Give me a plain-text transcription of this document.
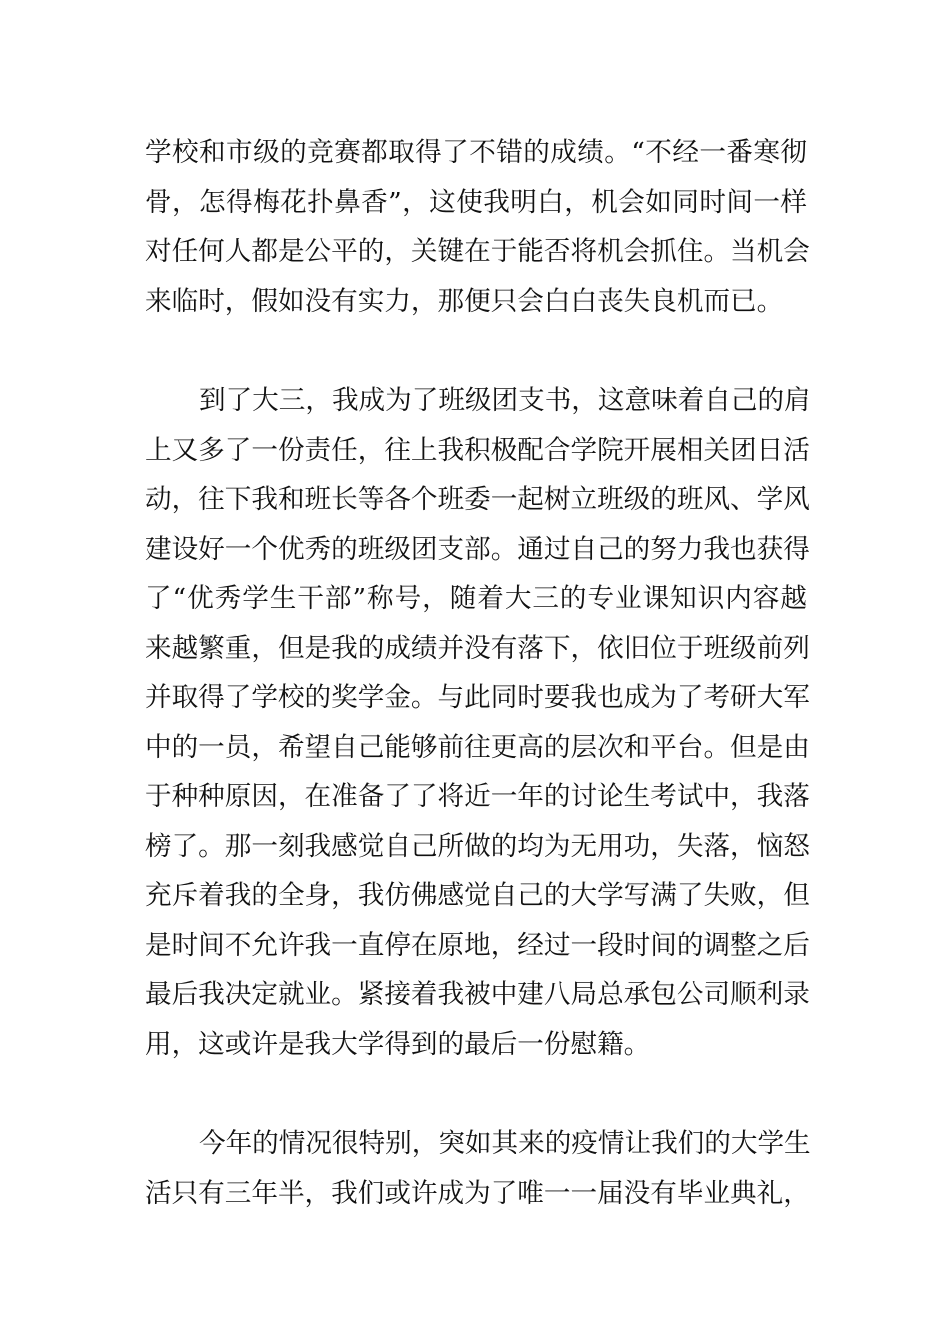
学校和市级的竞赛都取得了不错的成绩。“不经一番寒彻
骨，怎得梅花扑鼻香”，这使我明白，机会如同时间一样
对任何人都是公平的，关键在于能否将机会抓住。当机会
来临时，假如没有实力，那便只会白白丧失良机而已。

到了大三，我成为了班级团支书，这意味着自己的肩
上又多了一份责任，往上我积极配合学院开展相关团日活
动，往下我和班长等各个班委一起树立班级的班风、学风
建设好一个优秀的班级团支部。通过自己的努力我也获得
了“优秀学生干部”称号，随着大三的专业课知识内容越
来越繁重，但是我的成绩并没有落下，依旧位于班级前列
并取得了学校的奖学金。与此同时要我也成为了考研大军
中的一员，希望自己能够前往更高的层次和平台。但是由
于种种原因，在准备了了将近一年的讨论生考试中，我落
榜了。那一刻我感觉自己所做的均为无用功，失落，恼怒
充斥着我的全身，我仿佛感觉自己的大学写满了失败，但
是时间不允许我一直停在原地，经过一段时间的调整之后
最后我决定就业。紧接着我被中建八局总承包公司顺利录
用，这或许是我大学得到的最后一份慰籍。

今年的情况很特别，突如其来的疫情让我们的大学生
活只有三年半，我们或许成为了唯一一届没有毕业典礼，
